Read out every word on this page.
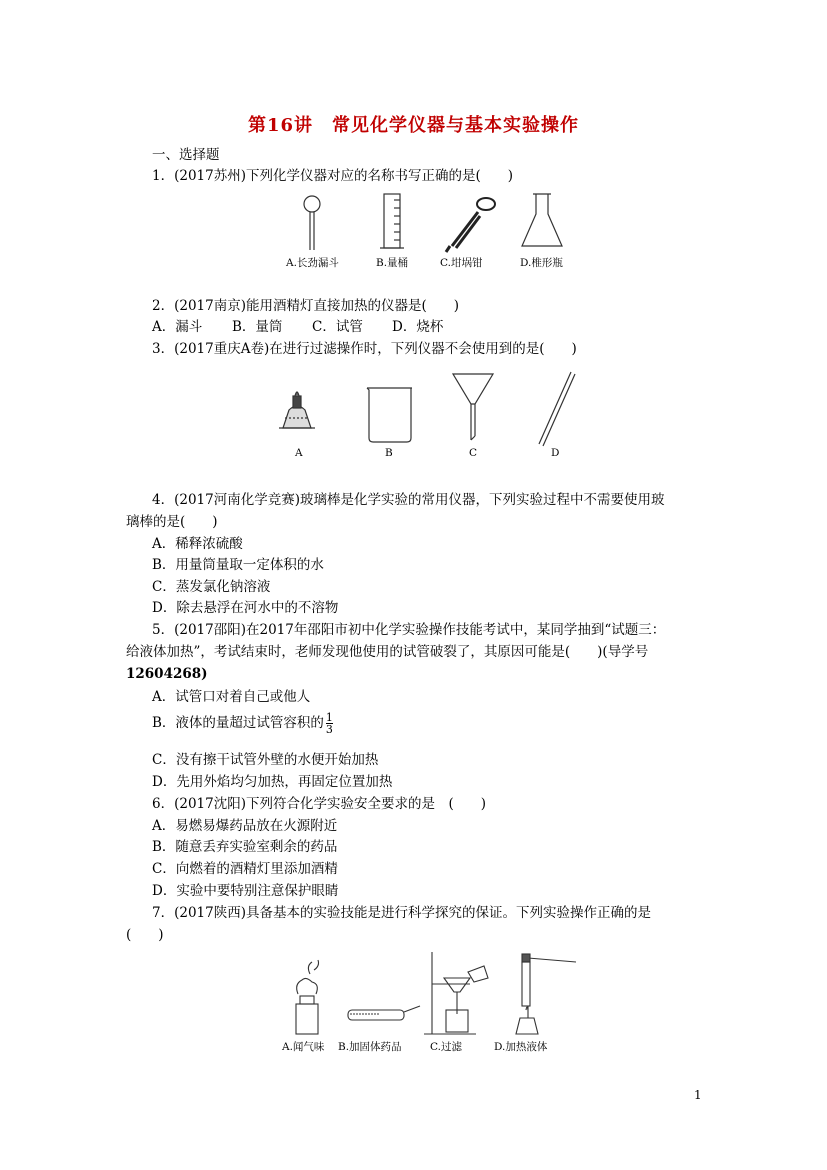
第16讲　常见化学仪器与基本实验操作
一、选择题
1．(2017苏州)下列化学仪器对应的名称书写正确的是(　　)
A.长劲漏斗	B.量桶	C.坩埚钳	D.椎形瓶
2．(2017南京)能用酒精灯直接加热的仪器是(　　)
A．漏斗 B．量筒 C．试管 D．烧杯
3．(2017重庆A卷)在进行过滤操作时，下列仪器不会使用到的是(　　)
A	B	C	D
4．(2017河南化学竞赛)玻璃棒是化学实验的常用仪器，下列实验过程中不需要使用玻
璃棒的是(　　)
A．稀释浓硫酸
B．用量筒量取一定体积的水
C．蒸发氯化钠溶液
D．除去悬浮在河水中的不溶物
5．(2017邵阳)在2017年邵阳市初中化学实验操作技能考试中，某同学抽到“试题三：
给液体加热”，考试结束时，老师发现他使用的试管破裂了，其原因可能是(　　)(导学号
12604268)
A．试管口对着自己或他人
B．液体的量超过试管容积的 $\frac{1}{3}$
C．没有擦干试管外壁的水便开始加热
D．先用外焰均匀加热，再固定位置加热
6．(2017沈阳)下列符合化学实验安全要求的是　(　　)
A．易燃易爆药品放在火源附近
B．随意丢弃实验室剩余的药品
C．向燃着的酒精灯里添加酒精
D．实验中要特别注意保护眼睛
7．(2017陕西)具备基本的实验技能是进行科学探究的保证。下列实验操作正确的是
(　　)
A.闻气味 B.加固体药品	C.过滤	D.加热液体
1
